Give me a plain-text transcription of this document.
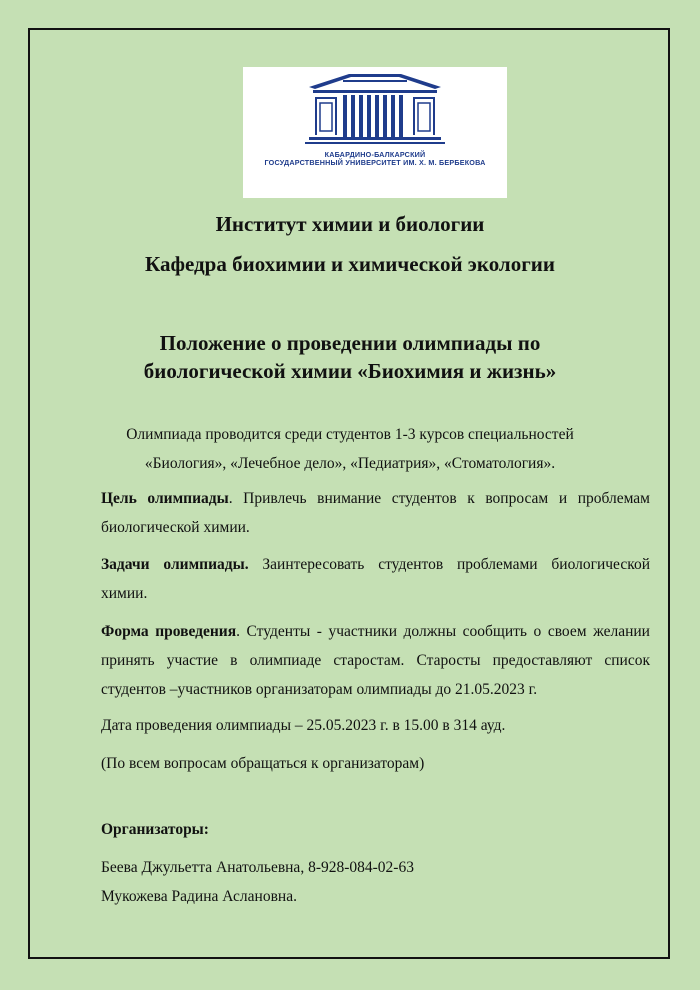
КАБАРДИНО-БАЛКАРСКИЙ
ГОСУДАРСТВЕННЫЙ УНИВЕРСИТЕТ ИМ. Х. М. БЕРБЕКОВА
Институт химии и биологии
Кафедра биохимии и химической экологии
Положение о проведении олимпиады по
биологической химии «Биохимия и жизнь»
Олимпиада проводится среди студентов 1-3 курсов специальностей
«Биология», «Лечебное дело», «Педиатрия», «Стоматология».
Цель олимпиады. Привлечь внимание студентов к вопросам и проблемам биологической химии.
Задачи олимпиады. Заинтересовать студентов проблемами биологической химии.
Форма проведения. Студенты - участники должны сообщить о своем желании принять участие в олимпиаде старостам. Старосты предоставляют список студентов –участников организаторам олимпиады до 21.05.2023 г.
Дата проведения олимпиады – 25.05.2023 г. в 15.00 в 314 ауд.
(По всем вопросам обращаться к организаторам)
Организаторы:
Беева Джульетта Анатольевна, 8-928-084-02-63
Мукожева Радина Аслановна.
